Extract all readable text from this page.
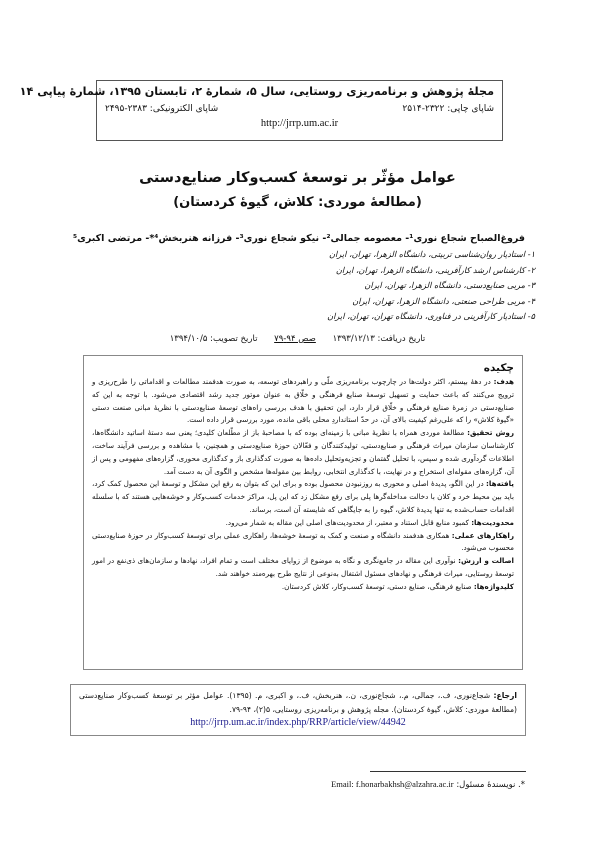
مجلهٔ پژوهش و برنامه‌ریزی روستایی، سال ۵، شمارهٔ ۲، تابستان ۱۳۹۵، شمارهٔ پیاپی ۱۴
شاپای چاپی: ۲۳۲۲-۲۵۱۴
شاپای الکترونیکی: ۲۳۸۳-۲۴۹۵
http://jrrp.um.ac.ir
عوامل مؤثّر بر توسعهٔ کسب‌وکار صنایع‌دستی
(مطالعهٔ موردی: کلاش، گیوهٔ کردستان)
فروغ‌الصباح شجاع نوری¹- معصومه جمالی²- نیکو شجاع نوری³- فرزانه هنربخش⁴*- مرتضی اکبری⁵
۱- استادیار روان‌شناسی تربیتی، دانشگاه الزهرا، تهران، ایران
۲- کارشناس ارشد کارآفرینی، دانشگاه الزهرا، تهران، ایران
۳- مربی صنایع‌دستی، دانشگاه الزهرا، تهران، ایران
۴- مربی طراحی صنعتی، دانشگاه الزهرا، تهران، ایران
۵- استادیار کارآفرینی در فناوری، دانشگاه تهران، تهران، ایران
تاریخ دریافت: ۱۳۹۳/۱۲/۱۳ صص ۹۴-۷۹ تاریخ تصویب: ۱۳۹۴/۱۰/۵
چکیده

هدف: در دههٔ بیستم، اکثر دولت‌ها در چارچوب برنامه‌ریزی ملّی و راهبردهای توسعه، به صورت هدفمند مطالعات و اقداماتی را طرح‌ریزی و ترویج می‌کنند که باعث حمایت و تسهیل توسعهٔ صنایع فرهنگی و خلّاق به عنوان موتور جدید رشد اقتصادی می‌شود. با توجه به این که صنایع‌دستی در زمرهٔ صنایع فرهنگی و خلّاق قرار دارد، این تحقیق با هدف بررسی راه‌های توسعهٔ صنایع‌دستی با نظریهٔ مبانی صنعت دستی «گیوهٔ کلاش» را که علی‌رغم کیفیت بالای آن، در حدّ استانداردِ محلی باقی مانده، مورد بررسی قرار داده است.

روش تحقیق: مطالعهٔ موردی همراه با نظریهٔ مبانی با زمینه‌ای بوده که با مصاحبهٔ باز از مطّلعان کلیدی؛ یعنی سه دستهٔ اساتید دانشگاه‌ها، کارشناسان سازمان میراث فرهنگی و صنایع‌دستی، تولیدکنندگان و فعّالان حوزهٔ صنایع‌دستی و همچنین، با مشاهده و بررسی فرآیند ساخت، اطلاعات گردآوری شده و سپس، با تحلیل گفتمان و تجزیه‌وتحلیل داده‌ها به صورت کدگذاری باز و کدگذاری محوری، گزاره‌های مفهومی و پس از آن، گزاره‌های مقوله‌ای استخراج و در نهایت، با کدگذاری انتخابی، روابط بین مقوله‌ها مشخص و الگوی آن به دست آمد.

یافته‌ها: در این الگو، پدیدهٔ اصلی و محوری به روزنبودن محصول بوده و برای این که بتوان به رفع این مشکل و توسعهٔ این محصول کمک کرد، باید بین محیط خرد و کلان با دخالت مداخله‌گرها پلی برای رفع مشکل زد که این پل، مراکز خدمات کسب‌وکار و خوشه‌هایی هستند که با سلسله اقدامات حساب‌شده به تنها پدیدهٔ کلاش، گیوه را به جایگاهی که شایسته آن است، برساند.

محدودیت‌ها: کمبود منابع قابل استناد و معتبر، از محدودیت‌های اصلی این مقاله به شمار می‌رود.

راهکارهای عملی: همکاری هدفمند دانشگاه و صنعت و کمک به توسعهٔ خوشه‌ها، راهکاری عملی برای توسعهٔ کسب‌وکار در حوزهٔ صنایع‌دستی محسوب می‌شود.

اصالت و ارزش: نوآوری این مقاله در جامع‌نگری و نگاه به موضوع از زوایای مختلف است و تمام افراد، نهادها و سازمان‌های ذی‌نفع در امور توسعهٔ روستایی، میراث فرهنگی و نهادهای مسئول اشتغال به‌نوعی از نتایج طرح بهره‌مند خواهند شد.

کلیدواژه‌ها: صنایع فرهنگی، صنایع دستی، توسعهٔ کسب‌وکار، کلاش کردستان.

ارجاع: شجاع‌نوری، ف.، جمالی، م.، شجاع‌نوری، ن.، هنربخش، ف.، و اکبری، م. (۱۳۹۵). عوامل مؤثر بر توسعهٔ کسب‌وکار صنایع‌دستی (مطالعهٔ موردی: کلاش، گیوهٔ کردستان). مجله پژوهش و برنامه‌ریزی روستایی، ۵(۲)، ۹۴-۷۹.

http://jrrp.um.ac.ir/index.php/RRP/article/view/44942
*. نویسندهٔ مسئول: Email: f.honarbakhsh@alzahra.ac.ir
